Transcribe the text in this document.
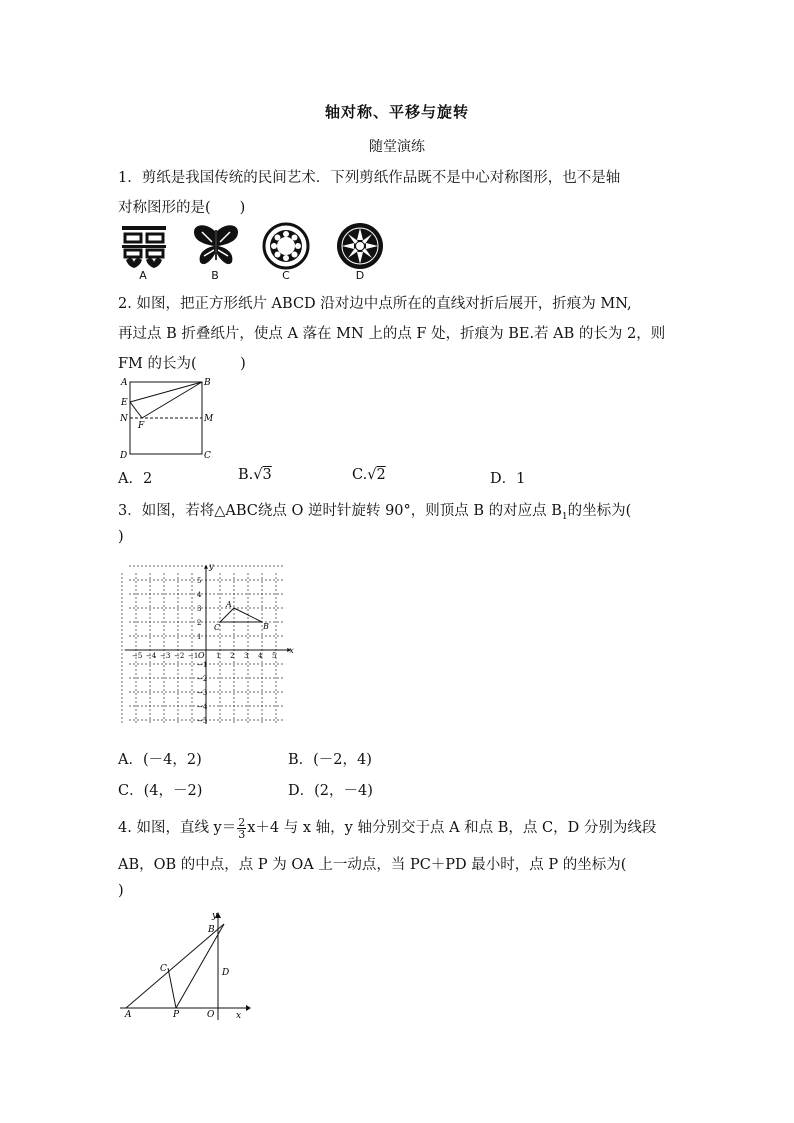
轴对称、平移与旋转
随堂演练
1．剪纸是我国传统的民间艺术．下列剪纸作品既不是中心对称图形，也不是轴
对称图形的是(　　)
A	B	C	D
2. 如图，把正方形纸片 ABCD 沿对边中点所在的直线对折后展开，折痕为 MN,
再过点 B 折叠纸片，使点 A 落在 MN 上的点 F 处，折痕为 BE.若 AB 的长为 2，则
FM 的长为(　　　)
A	B
C
D
E
F
M
N
A．2	B.√3	C.√2	D．1
3．如图，若将△ABC绕点 O 逆时针旋转 90°，则顶点 B 的对应点 $B_1$的坐标为(
)
−5 −4 −3 −2 −1	1 2 3 4 5
5
4
3
2
1
−1
−2
−3
−4
−5
O
x
y
A
B
C
A．(－4，2)	B．(－2，4)
C．(4，－2)	D．(2，－4)
4. 如图，直线 $y= \frac{2}{3} x+4$ 与 x 轴，y 轴分别交于点 A 和点 B，点 C，D 分别为线段
AB，OB 的中点，点 P 为 OA 上一动点，当 PC＋PD 最小时，点 P 的坐标为(
)
y
x
A
B
C	D
O
P
